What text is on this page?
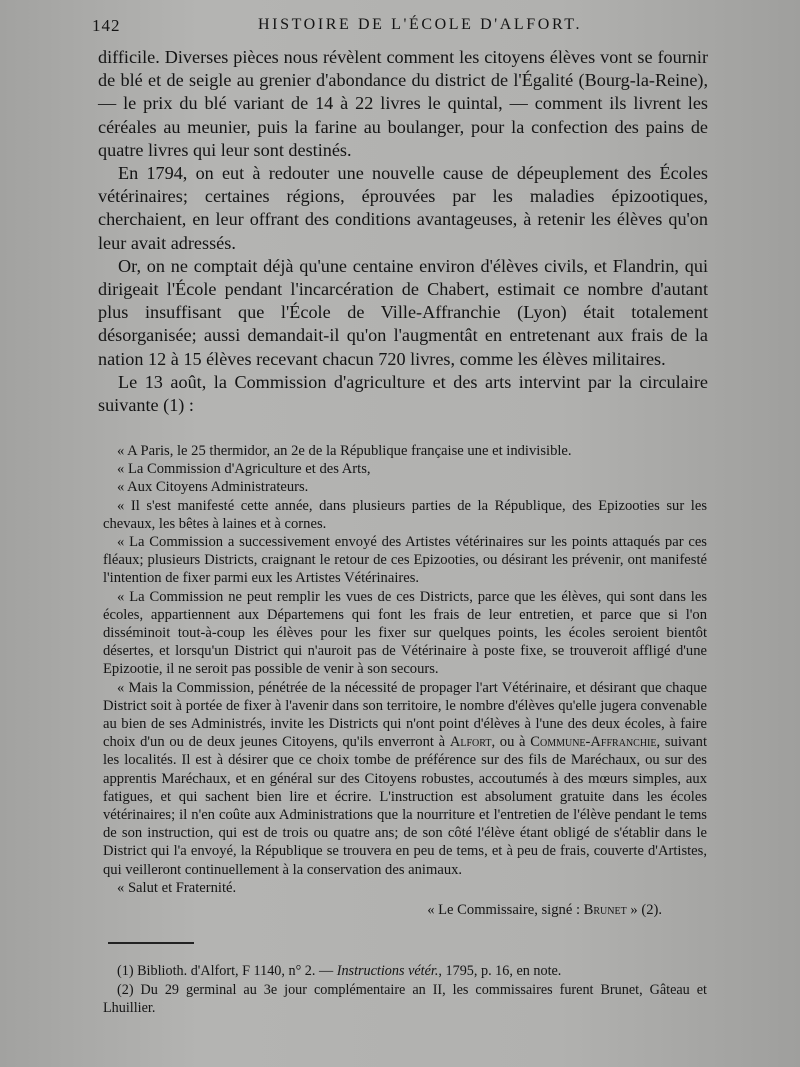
142	HISTOIRE DE L'ÉCOLE D'ALFORT.

difficile. Diverses pièces nous révèlent comment les citoyens élèves vont se fournir de blé et de seigle au grenier d'abondance du district de l'Égalité (Bourg-la-Reine), — le prix du blé variant de 14 à 22 livres le quintal, — comment ils livrent les céréales au meunier, puis la farine au boulanger, pour la confection des pains de quatre livres qui leur sont destinés.

En 1794, on eut à redouter une nouvelle cause de dépeuplement des Écoles vétérinaires; certaines régions, éprouvées par les maladies épizootiques, cherchaient, en leur offrant des conditions avantageuses, à retenir les élèves qu'on leur avait adressés.

Or, on ne comptait déjà qu'une centaine environ d'élèves civils, et Flandrin, qui dirigeait l'École pendant l'incarcération de Chabert, estimait ce nombre d'autant plus insuffisant que l'École de Ville-Affranchie (Lyon) était totalement désorganisée; aussi demandait-il qu'on l'augmentât en entretenant aux frais de la nation 12 à 15 élèves recevant chacun 720 livres, comme les élèves militaires.

Le 13 août, la Commission d'agriculture et des arts intervint par la circulaire suivante (1) :

« A Paris, le 25 thermidor, an 2e de la République française une et indivisible.

« La Commission d'Agriculture et des Arts,

« Aux Citoyens Administrateurs.

« Il s'est manifesté cette année, dans plusieurs parties de la République, des Epizooties sur les chevaux, les bêtes à laines et à cornes.

« La Commission a successivement envoyé des Artistes vétérinaires sur les points attaqués par ces fléaux; plusieurs Districts, craignant le retour de ces Epizooties, ou désirant les prévenir, ont manifesté l'intention de fixer parmi eux les Artistes Vétérinaires.

« La Commission ne peut remplir les vues de ces Districts, parce que les élèves, qui sont dans les écoles, appartiennent aux Départemens qui font les frais de leur entretien, et parce que si l'on disséminoit tout-à-coup les élèves pour les fixer sur quelques points, les écoles seroient bientôt désertes, et lorsqu'un District qui n'auroit pas de Vétérinaire à poste fixe, se trouveroit affligé d'une Epizootie, il ne seroit pas possible de venir à son secours.

« Mais la Commission, pénétrée de la nécessité de propager l'art Vétérinaire, et désirant que chaque District soit à portée de fixer à l'avenir dans son territoire, le nombre d'élèves qu'elle jugera convenable au bien de ses Administrés, invite les Districts qui n'ont point d'élèves à l'une des deux écoles, à faire choix d'un ou de deux jeunes Citoyens, qu'ils enverront à Alfort, ou à Commune-Affranchie, suivant les localités. Il est à désirer que ce choix tombe de préférence sur des fils de Maréchaux, ou sur des apprentis Maréchaux, et en général sur des Citoyens robustes, accoutumés à des mœurs simples, aux fatigues, et qui sachent bien lire et écrire. L'instruction est absolument gratuite dans les écoles vétérinaires; il n'en coûte aux Administrations que la nourriture et l'entretien de l'élève pendant le tems de son instruction, qui est de trois ou quatre ans; de son côté l'élève étant obligé de s'établir dans le District qui l'a envoyé, la République se trouvera en peu de tems, et à peu de frais, couverte d'Artistes, qui veilleront continuellement à la conservation des animaux.

« Salut et Fraternité.

« Le Commissaire, signé : Brunet » (2).

(1) Biblioth. d'Alfort, F 1140, n° 2. — Instructions vétér., 1795, p. 16, en note.

(2) Du 29 germinal au 3e jour complémentaire an II, les commissaires furent Brunet, Gâteau et Lhuillier.
